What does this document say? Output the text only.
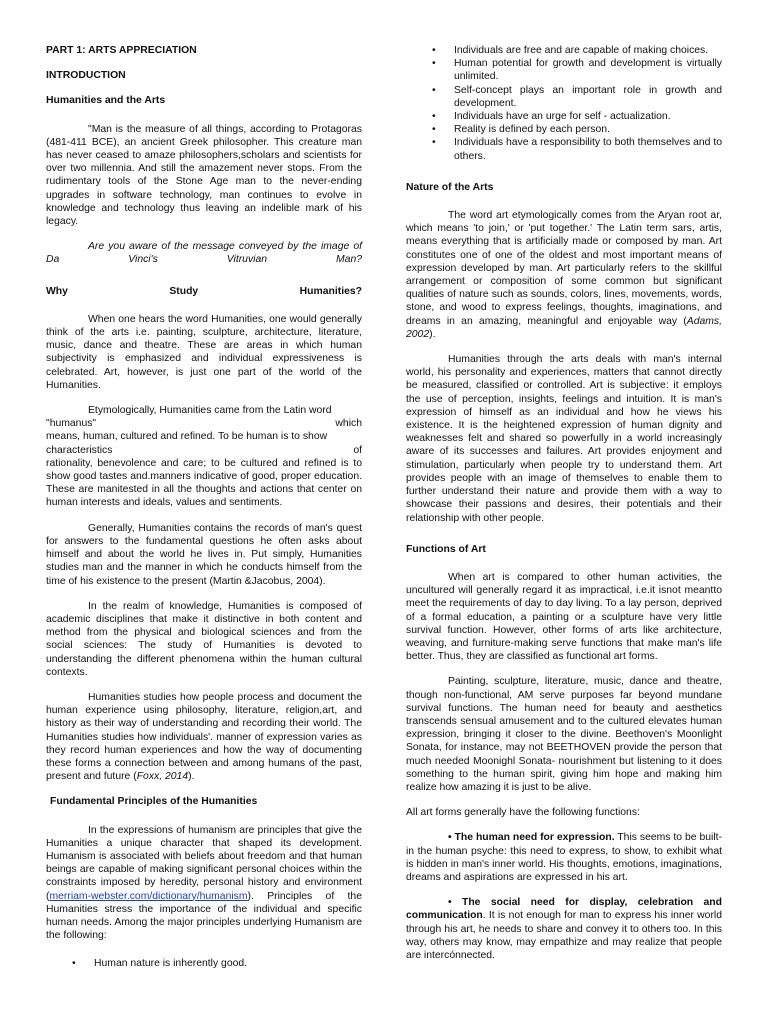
PART 1: ARTS APPRECIATION
INTRODUCTION
Humanities and the Arts

"Man is the measure of all things, according to Protagoras (481-411 BCE), an ancient Greek philosopher. This creature man has never ceased to amaze philosophers,scholars and scientists for over two millennia. And still the amazement never stops. From the rudimentary tools of the Stone Age man to the never-ending upgrades in software technology, man continues to evolve in knowledge and technology thus leaving an indelible mark of his legacy.

Are you aware of the message conveyed by the image of Da Vinci's Vitruvian Man?

Why	Study	Humanities?

When one hears the word Humanities, one would generally think of the arts i.e. painting, sculpture, architecture, literature, music, dance and theatre. These are areas in which human subjectivity is emphasized and individual expressiveness is celebrated. Art, however, is just one part of the world of the Humanities.

Etymologically, Humanities came from the Latin word

"humanus"	which

means, human, cultured and refined. To be human is to show

characteristics	of

rationality, benevolence and care; to be cultured and refined is to show good tastes and.manners indicative of good, proper education. These are manitested in all the thoughts and actions that center on human interests and ideals, values and sentiments.

Generally, Humanities contains the records of man's quest for answers to the fundamental questions he often asks about himself and about the world he lives in. Put simply, Humanities studies man and the manner in which he conducts himself from the time of his existence to the present (Martin &Jacobus, 2004).

In the realm of knowledge, Humanities is composed of academic disciplines that make it distinctive in both content and method from the physical and biological sciences and from the social sciences: The study of Humanities is devoted to understanding the different phenomena within the human cultural contexts.

Humanities studies how people process and document the human experience using philosophy, literature, religion,art, and history as their way of understanding and recording their world. The Humanities studies how individuals'. manner of expression varies as they record human experiences and how the way of documenting these forms a connection between and among humans of the past, present and future (Foxx, 2014).

Fundamental Principles of the Humanities

In the expressions of humanism are principles that give the Humanities a unique character that shaped its development. Humanism is associated with beliefs about freedom and that human beings are capable of making significant personal choices within the constraints imposed by heredity, personal history and environment (merriam-webster.com/dictionary/humanism). Principles of the Humanities stress the importance of the individual and specific human needs. Among the major principles underlying Humanism are the following:

• Human nature is inherently good.
• Individuals are free and are capable of making choices.
• Human potential for growth and development is virtually unlimited.
• Self-concept plays an important role in growth and development.
• Individuals have an urge for self - actualization.
• Reality is defined by each person.
• Individuals have a responsibility to both themselves and to others.
Nature of the Arts

The word art etymologically comes from the Aryan root ar, which means 'to join,' or 'put together.' The Latin term sars, artis, means everything that is artificially made or composed by man. Art constitutes one of one of the oldest and most important means of expression developed by man. Art particularly refers to the skillful arrangement or composition of some common but significant qualities of nature such as sounds, colors, lines, movements, words, stone, and wood to express feelings, thoughts, imaginations, and dreams in an amazing, meaningful and enjoyable way (Adams, 2002).

Humanities through the arts deals with man's internal world, his personality and experiences, matters that cannot directly be measured, classified or controlled. Art is subjective: it employs the use of perception, insights, feelings and intuition. It is man's expression of himself as an individual and how he views his existence. It is the heightened expression of human dignity and weaknesses felt and shared so powerfully in a world increasingly aware of its successes and failures. Art provides enjoyment and stimulation, particularly when people try to understand them. Art provides people with an image of themselves to enable them to further understand their nature and provide them with a way to showcase their passions and desires, their potentials and their relationship with other people.

Functions of Art

When art is compared to other human activities, the uncultured will generally regard it as impractical, i.e.it isnot meantto meet the requirements of day to day living. To a lay person, deprived of a formal education, a painting or a sculpture have very little survival function. However, other forms of arts like architecture, weaving, and furniture-making serve functions that make man's life better. Thus, they are classified as functional art forms.

Painting, sculpture, literature, music, dance and theatre, though non-functional, AM serve purposes far beyond mundane survival functions. The human need for beauty and aesthetics transcends sensual amusement and to the cultured elevates human expression, bringing it closer to the divine. Beethoven's Moonlight Sonata, for instance, may not BEETHOVEN provide the person that much needed Moonighl Sonata- nourishment but listening to it does something to the human spirit, giving him hope and making him realize how amazing it is just to be alive.

All art forms generally have the following functions:

• The human need for expression. This seems to be built-in the human psyche: this need to express, to show, to exhibit what is hidden in man's inner world. His thoughts, emotions, imaginations, dreams and aspirations are expressed in his art.

• The social need for display, celebration and communication. It is not enough for man to express his inner world through his art, he needs to share and convey it to others too. In this way, others may know, may empathize and may realize that people are intercónnected.
